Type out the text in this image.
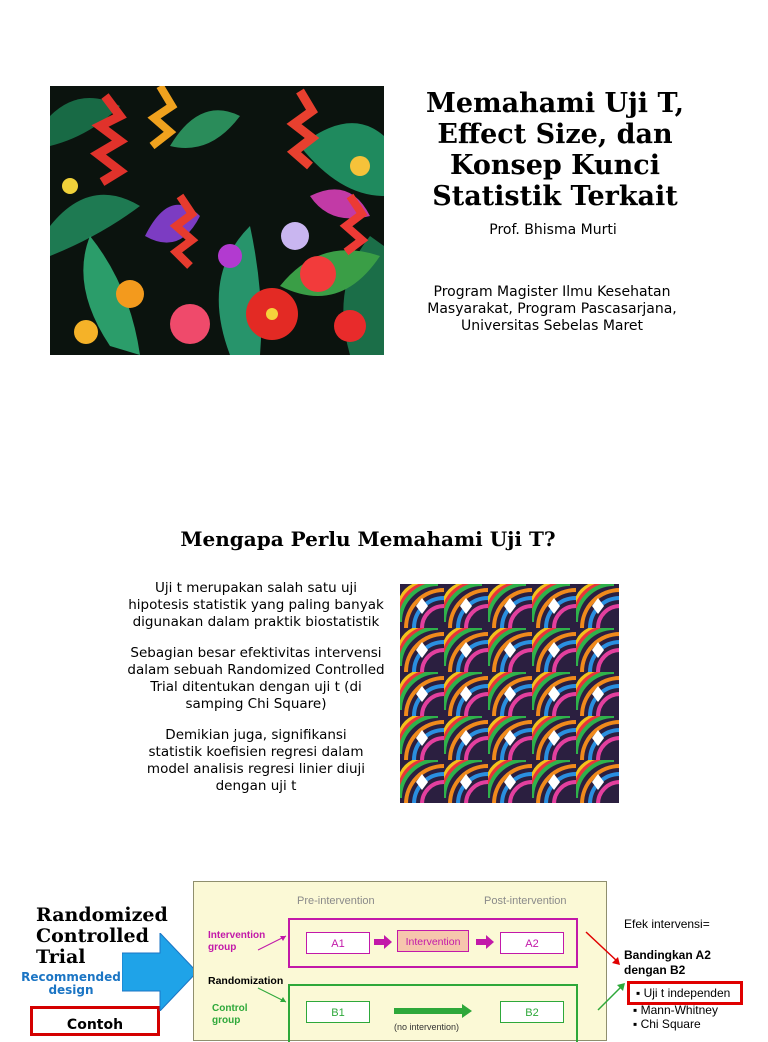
Memahami Uji T,
Effect Size, dan
Konsep Kunci
Statistik Terkait
Prof. Bhisma Murti
Program Magister Ilmu Kesehatan
Masyarakat, Program Pascasarjana,
Universitas Sebelas Maret
Mengapa Perlu Memahami Uji T?
Uji t merupakan salah satu uji
hipotesis statistik yang paling banyak
digunakan dalam praktik biostatistik
Sebagian besar efektivitas intervensi
dalam sebuah Randomized Controlled
Trial ditentukan dengan uji t (di
samping Chi Square)
Demikian juga, signifikansi
statistik koefisien regresi dalam
model analisis regresi linier diuji
dengan uji t
Randomized
Controlled
Trial
Recommended
design
Contoh
Pre-intervention	Post-intervention
Intervention
group
Randomization
Control
group
A1	Intervention	A2
B1
(no intervention)
B2
Efek intervensi=
Bandingkan A2
dengan B2
▪ Uji t independen
▪ Mann-Whitney
▪ Chi Square
